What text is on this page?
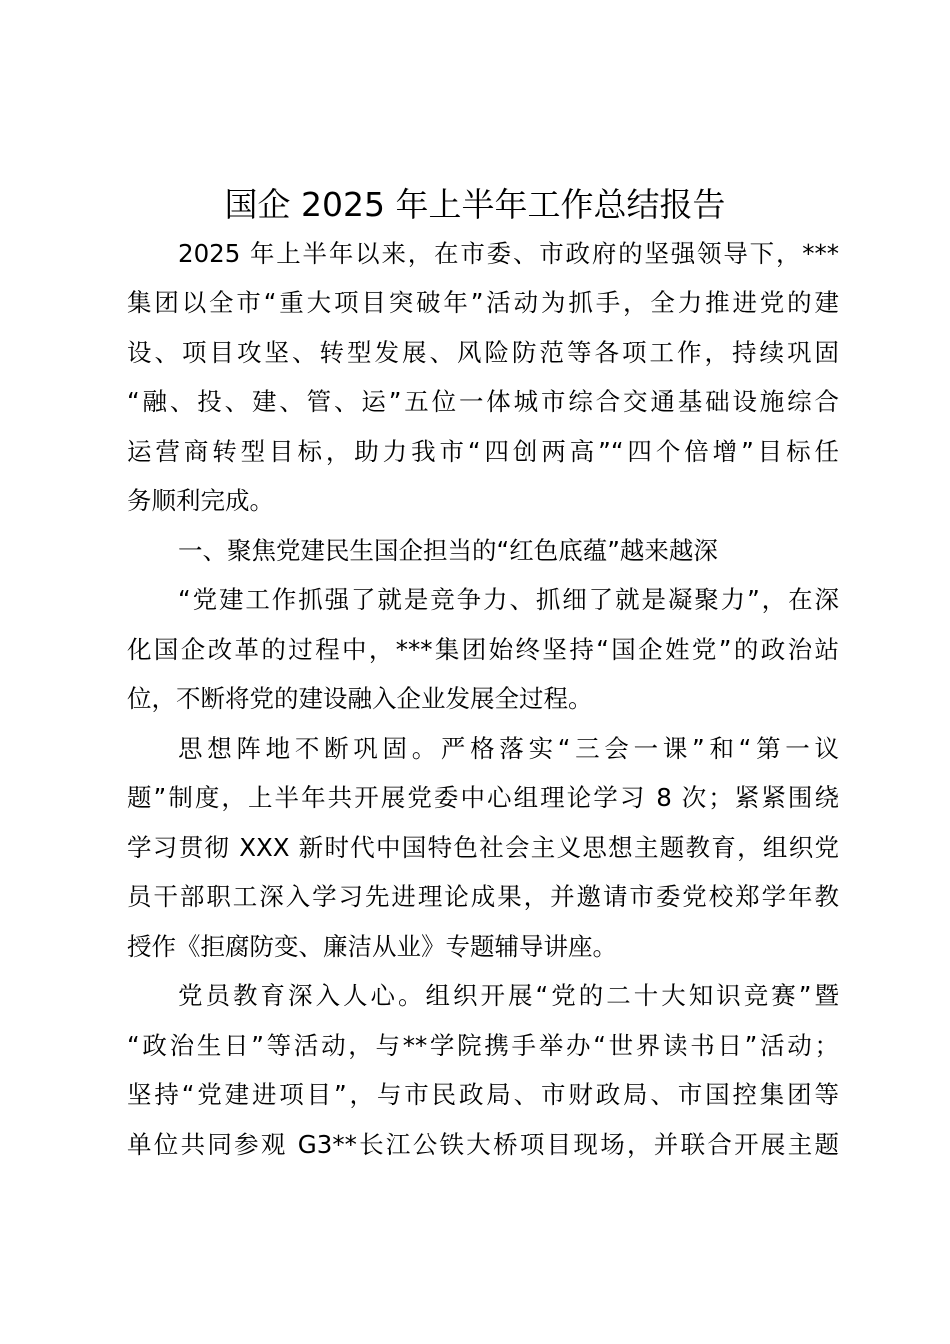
国企 2025 年上半年工作总结报告
2025 年上半年以来，在市委、市政府的坚强领导下，***
集团以全市“重大项目突破年”活动为抓手，全力推进党的建
设、项目攻坚、转型发展、风险防范等各项工作，持续巩固
“融、投、建、管、运”五位一体城市综合交通基础设施综合
运营商转型目标，助力我市“四创两高”“四个倍增”目标任
务顺利完成。
一、聚焦党建民生国企担当的“红色底蕴”越来越深
“党建工作抓强了就是竞争力、抓细了就是凝聚力”，在深
化国企改革的过程中，***集团始终坚持“国企姓党”的政治站
位，不断将党的建设融入企业发展全过程。
思想阵地不断巩固。严格落实“三会一课”和“第一议
题”制度，上半年共开展党委中心组理论学习 8 次；紧紧围绕
学习贯彻 XXX 新时代中国特色社会主义思想主题教育，组织党
员干部职工深入学习先进理论成果，并邀请市委党校郑学年教
授作《拒腐防变、廉洁从业》专题辅导讲座。
党员教育深入人心。组织开展“党的二十大知识竞赛”暨
“政治生日”等活动，与**学院携手举办“世界读书日”活动；
坚持“党建进项目”，与市民政局、市财政局、市国控集团等
单位共同参观 G3**长江公铁大桥项目现场，并联合开展主题
